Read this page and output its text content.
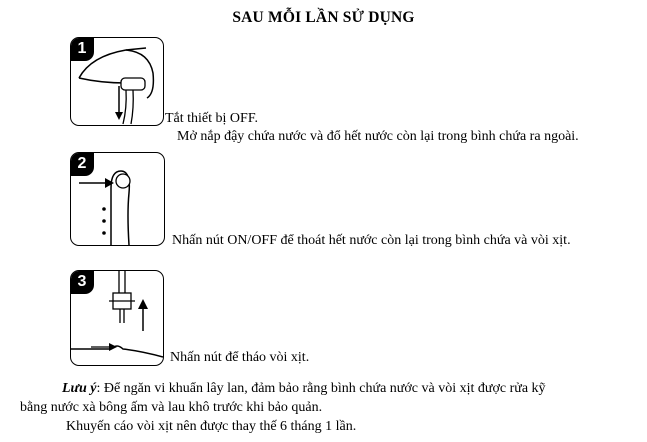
SAU MỖI LẦN SỬ DỤNG
1
Tắt thiết bị OFF.
Mở nắp đậy chứa nước và đổ hết nước còn lại trong bình chứa ra ngoài.
2
Nhấn nút ON/OFF để thoát hết nước còn lại trong bình chứa và vòi xịt.
3
Nhấn nút để tháo vòi xịt.
Lưu ý: Để ngăn vi khuẩn lây lan, đảm bảo rằng bình chứa nước và vòi xịt được rửa kỹ
bằng nước xà bông ấm và lau khô trước khi bảo quản.
Khuyến cáo vòi xịt nên được thay thế 6 tháng 1 lần.
